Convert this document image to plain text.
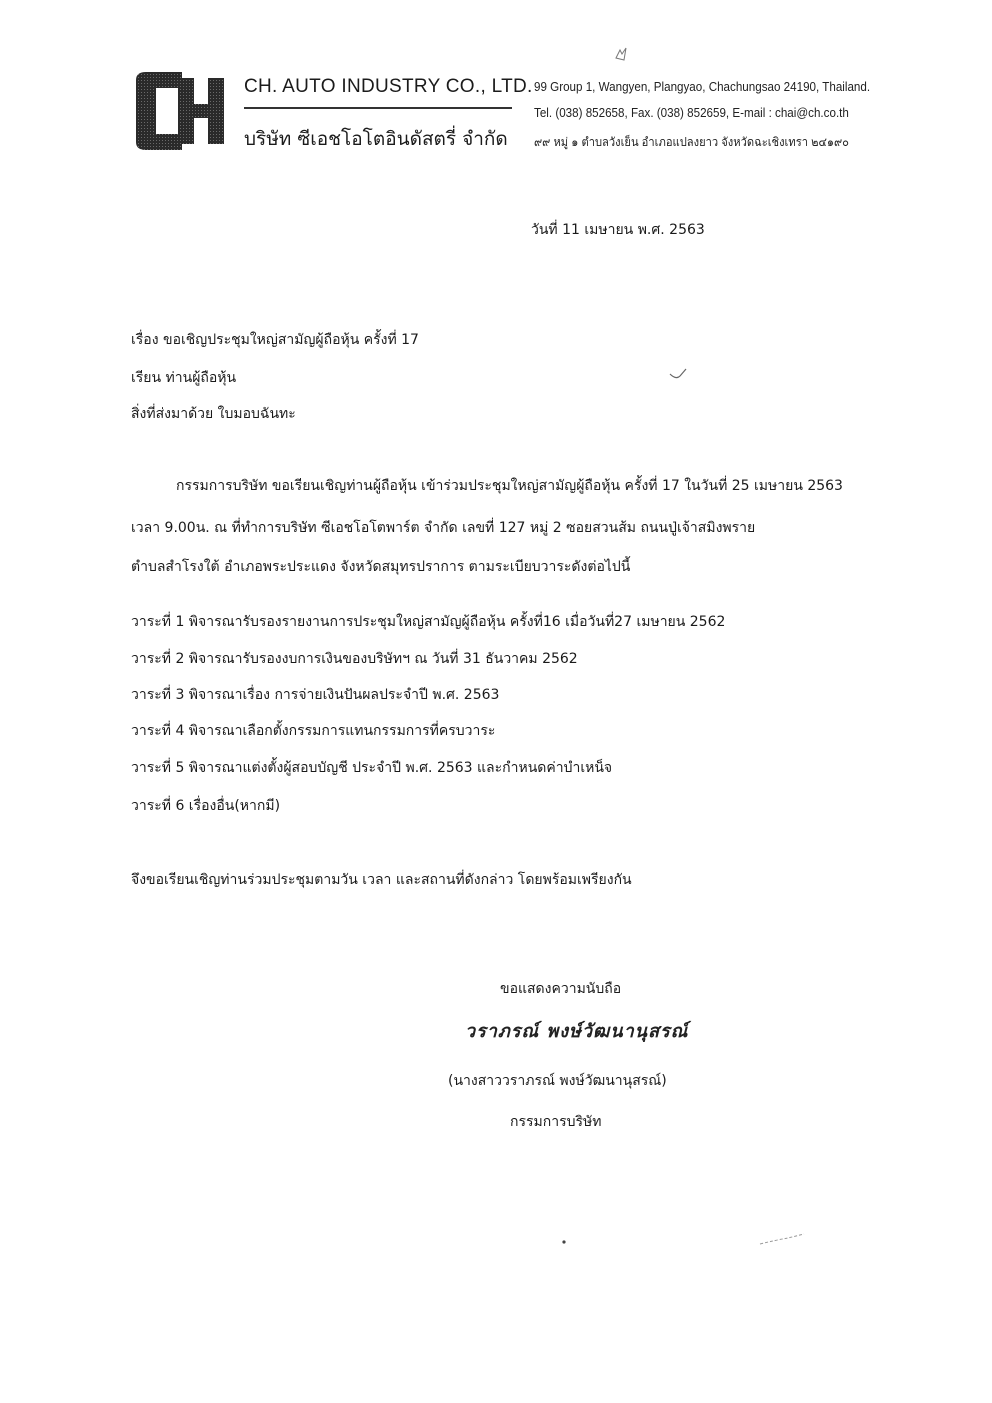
CH. AUTO INDUSTRY CO., LTD.
บริษัท ซีเอชโอโตอินดัสตรี่ จำกัด
99 Group 1, Wangyen, Plangyao, Chachungsao 24190, Thailand.
Tel. (038) 852658, Fax. (038) 852659, E-mail : chai@ch.co.th
๙๙ หมู่ ๑ ตำบลวังเย็น อำเภอแปลงยาว จังหวัดฉะเชิงเทรา ๒๔๑๙๐
วันที่ 11 เมษายน พ.ศ. 2563
เรื่อง ขอเชิญประชุมใหญ่สามัญผู้ถือหุ้น ครั้งที่ 17
เรียน ท่านผู้ถือหุ้น
สิ่งที่ส่งมาด้วย ใบมอบฉันทะ
กรรมการบริษัท ขอเรียนเชิญท่านผู้ถือหุ้น เข้าร่วมประชุมใหญ่สามัญผู้ถือหุ้น ครั้งที่ 17 ในวันที่ 25 เมษายน 2563
เวลา 9.00น. ณ ที่ทำการบริษัท ซีเอชโอโตพาร์ต จำกัด เลขที่ 127 หมู่ 2 ซอยสวนส้ม ถนนปู่เจ้าสมิงพราย
ตำบลสำโรงใต้ อำเภอพระประแดง จังหวัดสมุทรปราการ ตามระเบียบวาระดังต่อไปนี้
วาระที่ 1 พิจารณารับรองรายงานการประชุมใหญ่สามัญผู้ถือหุ้น ครั้งที่16 เมื่อวันที่27 เมษายน 2562
วาระที่ 2 พิจารณารับรองงบการเงินของบริษัทฯ ณ วันที่ 31 ธันวาคม 2562
วาระที่ 3 พิจารณาเรื่อง การจ่ายเงินปันผลประจำปี พ.ศ. 2563
วาระที่ 4 พิจารณาเลือกตั้งกรรมการแทนกรรมการที่ครบวาระ
วาระที่ 5 พิจารณาแต่งตั้งผู้สอบบัญชี ประจำปี พ.ศ. 2563 และกำหนดค่าบำเหน็จ
วาระที่ 6 เรื่องอื่น(หากมี)
จึงขอเรียนเชิญท่านร่วมประชุมตามวัน เวลา และสถานที่ดังกล่าว โดยพร้อมเพรียงกัน
ขอแสดงความนับถือ
วราภรณ์ พงษ์วัฒนานุสรณ์
(นางสาววราภรณ์ พงษ์วัฒนานุสรณ์)
กรรมการบริษัท
